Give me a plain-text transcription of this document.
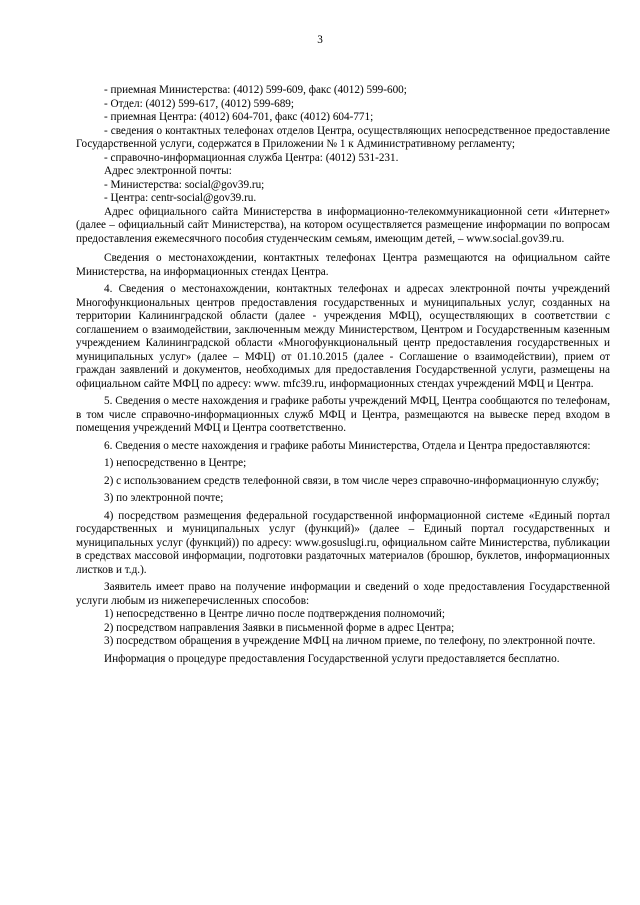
3

- приемная Министерства: (4012) 599-609, факс (4012) 599-600;

- Отдел: (4012) 599-617, (4012) 599-689;

- приемная Центра: (4012) 604-701, факс (4012) 604-771;

- сведения о контактных телефонах отделов Центра, осуществляющих непосредственное предоставление Государственной услуги, содержатся в Приложении № 1 к Административному регламенту;

- справочно-информационная служба Центра: (4012) 531-231.

Адрес электронной почты:

- Министерства: social@gov39.ru;

- Центра: centr-social@gov39.ru.

Адрес официального сайта Министерства в информационно-телекоммуникационной сети «Интернет» (далее – официальный сайт Министерства), на котором осуществляется размещение информации по вопросам предоставления ежемесячного пособия студенческим семьям, имеющим детей, – www.social.gov39.ru.

Сведения о местонахождении, контактных телефонах Центра размещаются на официальном сайте Министерства, на информационных стендах Центра.

4. Сведения о местонахождении, контактных телефонах и адресах электронной почты учреждений Многофункциональных центров предоставления государственных и муниципальных услуг, созданных на территории Калининградской области (далее - учреждения МФЦ), осуществляющих в соответствии с соглашением о взаимодействии, заключенным между Министерством, Центром и Государственным казенным учреждением Калининградской области «Многофункциональный центр предоставления государственных и муниципальных услуг» (далее – МФЦ) от 01.10.2015 (далее - Соглашение о взаимодействии), прием от граждан заявлений и документов, необходимых для предоставления Государственной услуги, размещены на официальном сайте МФЦ по адресу: www. mfc39.ru, информационных стендах учреждений МФЦ и Центра.

5. Сведения о месте нахождения и графике работы учреждений МФЦ, Центра сообщаются по телефонам, в том числе справочно-информационных служб МФЦ и Центра, размещаются на вывеске перед входом в помещения учреждений МФЦ и Центра соответственно.

6. Сведения о месте нахождения и графике работы Министерства, Отдела и Центра предоставляются:

1) непосредственно в Центре;

2) с использованием средств телефонной связи, в том числе через справочно-информационную службу;

3) по электронной почте;

4) посредством размещения федеральной государственной информационной системе «Единый портал государственных и муниципальных услуг (функций)» (далее – Единый портал государственных и муниципальных услуг (функций)) по адресу: www.gosuslugi.ru, официальном сайте Министерства, публикации в средствах массовой информации, подготовки раздаточных материалов (брошюр, буклетов, информационных листков и т.д.).

Заявитель имеет право на получение информации и сведений о ходе предоставления Государственной услуги любым из нижеперечисленных способов:

1) непосредственно в Центре лично после подтверждения полномочий;

2) посредством направления Заявки в письменной форме в адрес Центра;

3) посредством обращения в учреждение МФЦ на личном приеме, по телефону, по электронной почте.

Информация о процедуре предоставления Государственной услуги предоставляется бесплатно.
